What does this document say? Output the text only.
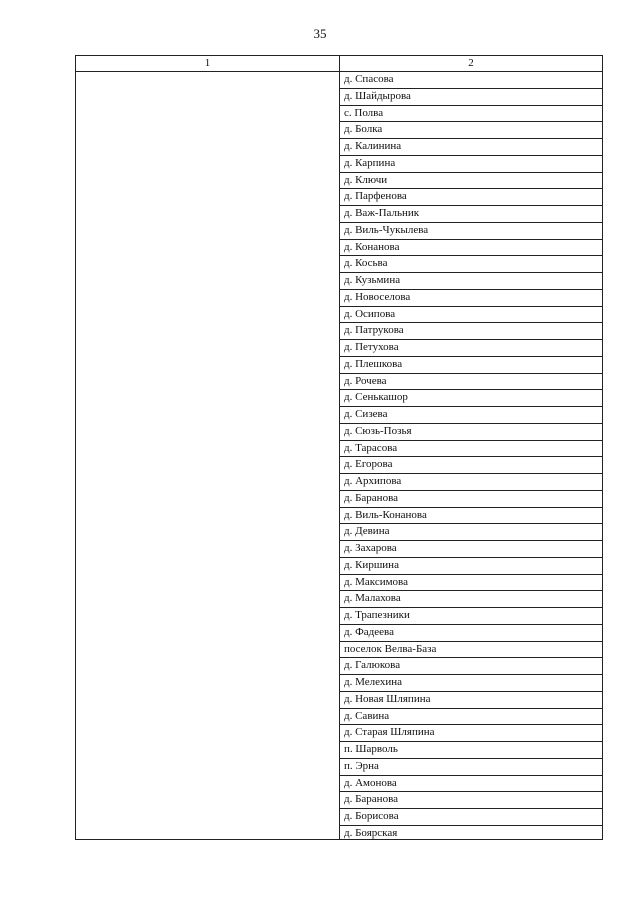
35
1	2
д. Спасова
д. Шайдырова
с. Полва
д. Болка
д. Калинина
д. Карпина
д. Ключи
д. Парфенова
д. Важ-Пальник
д. Виль-Чукылева
д. Конанова
д. Косьва
д. Кузьмина
д. Новоселова
д. Осипова
д. Патрукова
д. Петухова
д. Плешкова
д. Рочева
д. Сенькашор
д. Сизева
д. Сюзь-Позья
д. Тарасова
д. Егорова
д. Архипова
д. Баранова
д. Виль-Конанова
д. Девина
д. Захарова
д. Киршина
д. Максимова
д. Малахова
д. Трапезники
д. Фадеева
поселок Велва-База
д. Галюкова
д. Мелехина
д. Новая Шляпина
д. Савина
д. Старая Шляпина
п. Шарволь
п. Эрна
д. Амонова
д. Баранова
д. Борисова
д. Боярская
